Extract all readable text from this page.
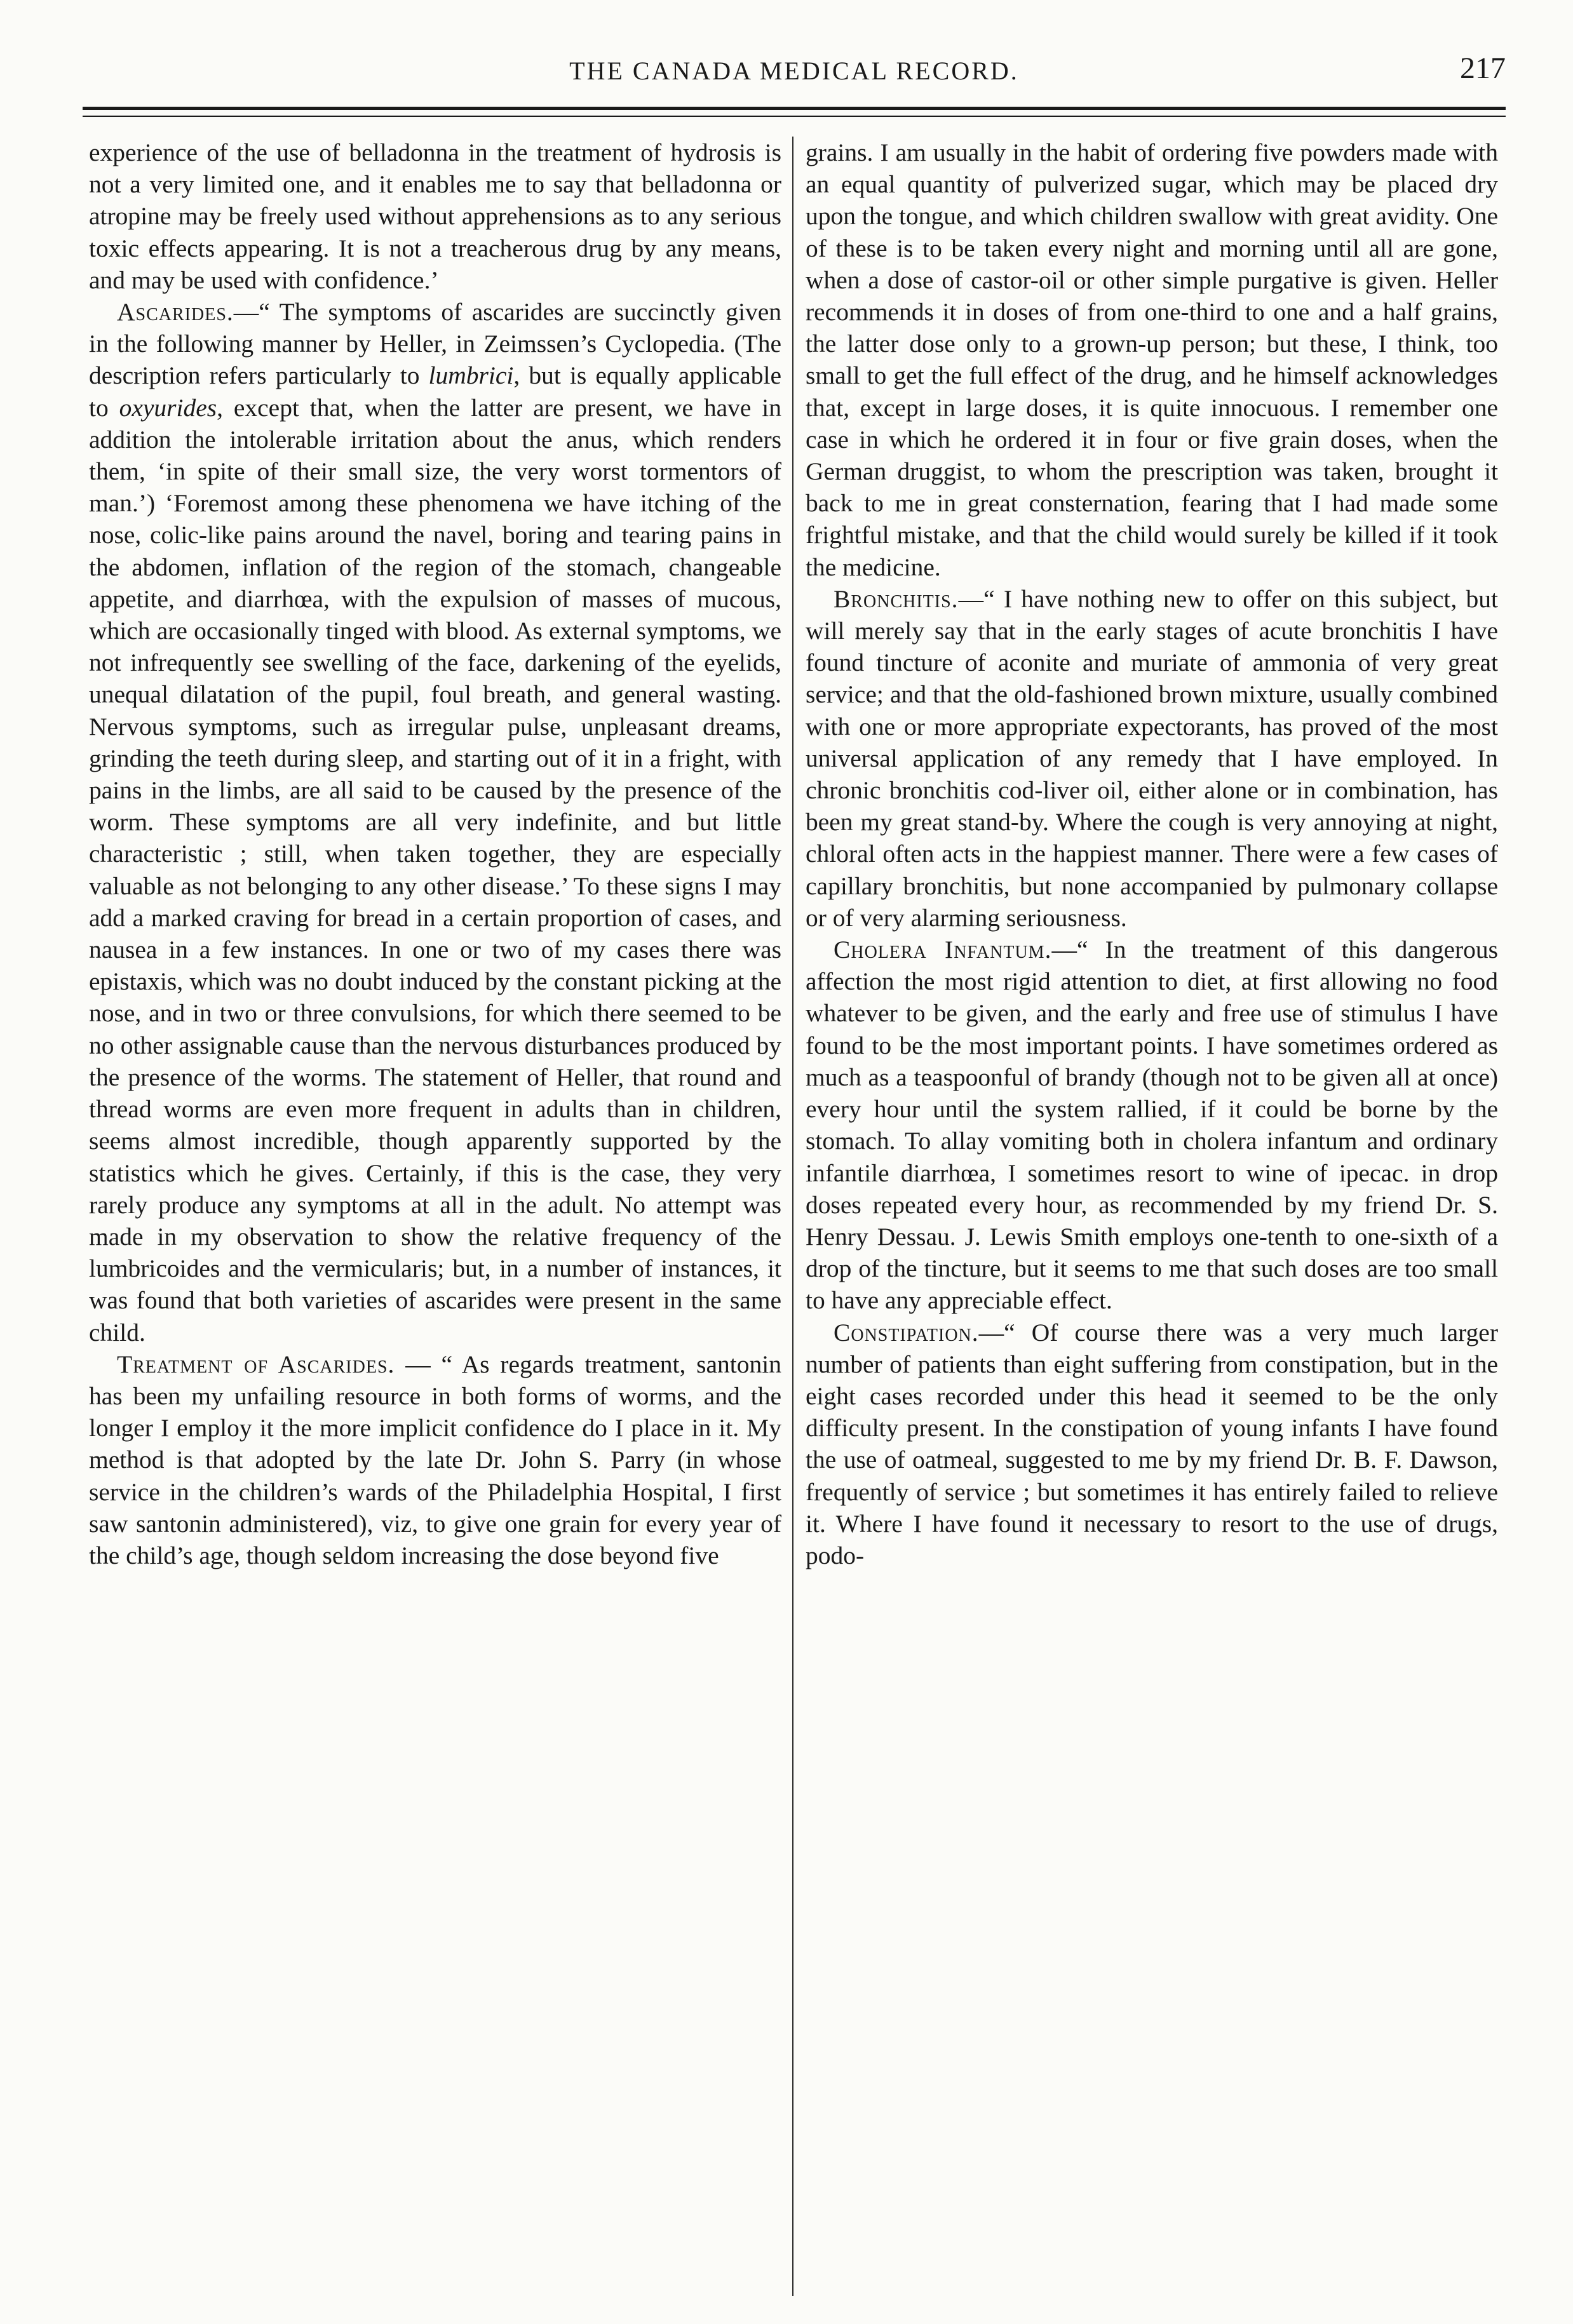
THE CANADA MEDICAL RECORD.	217

experience of the use of belladonna in the treatment of hydrosis is not a very limited one, and it enables me to say that belladonna or atropine may be freely used without apprehensions as to any serious toxic effects appearing. It is not a treacherous drug by any means, and may be used with confidence.’

Ascarides.—“ The symptoms of ascarides are succinctly given in the following manner by Heller, in Zeimssen’s Cyclopedia. (The description refers particularly to lumbrici, but is equally applicable to oxyurides, except that, when the latter are present, we have in addition the intolerable irritation about the anus, which renders them, ‘in spite of their small size, the very worst tormentors of man.’) ‘Foremost among these phenomena we have itching of the nose, colic-like pains around the navel, boring and tearing pains in the abdomen, inflation of the region of the stomach, changeable appetite, and diarrhœa, with the expulsion of masses of mucous, which are occasionally tinged with blood. As external symptoms, we not infrequently see swelling of the face, darkening of the eyelids, unequal dilatation of the pupil, foul breath, and general wasting. Nervous symptoms, such as irregular pulse, unpleasant dreams, grinding the teeth during sleep, and starting out of it in a fright, with pains in the limbs, are all said to be caused by the presence of the worm. These symptoms are all very indefinite, and but little characteristic ; still, when taken together, they are especially valuable as not belonging to any other disease.’ To these signs I may add a marked craving for bread in a certain proportion of cases, and nausea in a few instances. In one or two of my cases there was epistaxis, which was no doubt induced by the constant picking at the nose, and in two or three convulsions, for which there seemed to be no other assignable cause than the nervous disturbances produced by the presence of the worms. The statement of Heller, that round and thread worms are even more frequent in adults than in children, seems almost incredible, though apparently supported by the statistics which he gives. Certainly, if this is the case, they very rarely produce any symptoms at all in the adult. No attempt was made in my observation to show the relative frequency of the lumbricoides and the vermicularis; but, in a number of instances, it was found that both varieties of ascarides were present in the same child.

Treatment of Ascarides. — “ As regards treatment, santonin has been my unfailing resource in both forms of worms, and the longer I employ it the more implicit confidence do I place in it. My method is that adopted by the late Dr. John S. Parry (in whose service in the children’s wards of the Philadelphia Hospital, I first saw santonin administered), viz, to give one grain for every year of the child’s age, though seldom increasing the dose beyond five

grains. I am usually in the habit of ordering five powders made with an equal quantity of pulverized sugar, which may be placed dry upon the tongue, and which children swallow with great avidity. One of these is to be taken every night and morning until all are gone, when a dose of castor-oil or other simple purgative is given. Heller recommends it in doses of from one-third to one and a half grains, the latter dose only to a grown-up person; but these, I think, too small to get the full effect of the drug, and he himself acknowledges that, except in large doses, it is quite innocuous. I remember one case in which he ordered it in four or five grain doses, when the German druggist, to whom the prescription was taken, brought it back to me in great consternation, fearing that I had made some frightful mistake, and that the child would surely be killed if it took the medicine.

Bronchitis.—“ I have nothing new to offer on this subject, but will merely say that in the early stages of acute bronchitis I have found tincture of aconite and muriate of ammonia of very great service; and that the old-fashioned brown mixture, usually combined with one or more appropriate expectorants, has proved of the most universal application of any remedy that I have employed. In chronic bronchitis cod-liver oil, either alone or in combination, has been my great stand-by. Where the cough is very annoying at night, chloral often acts in the happiest manner. There were a few cases of capillary bronchitis, but none accompanied by pulmonary collapse or of very alarming seriousness.

Cholera Infantum.—“ In the treatment of this dangerous affection the most rigid attention to diet, at first allowing no food whatever to be given, and the early and free use of stimulus I have found to be the most important points. I have sometimes ordered as much as a teaspoonful of brandy (though not to be given all at once) every hour until the system rallied, if it could be borne by the stomach. To allay vomiting both in cholera infantum and ordinary infantile diarrhœa, I sometimes resort to wine of ipecac. in drop doses repeated every hour, as recommended by my friend Dr. S. Henry Dessau. J. Lewis Smith employs one-tenth to one-sixth of a drop of the tincture, but it seems to me that such doses are too small to have any appreciable effect.

Constipation.—“ Of course there was a very much larger number of patients than eight suffering from constipation, but in the eight cases recorded under this head it seemed to be the only difficulty present. In the constipation of young infants I have found the use of oatmeal, suggested to me by my friend Dr. B. F. Dawson, frequently of service ; but sometimes it has entirely failed to relieve it. Where I have found it necessary to resort to the use of drugs, podo-
